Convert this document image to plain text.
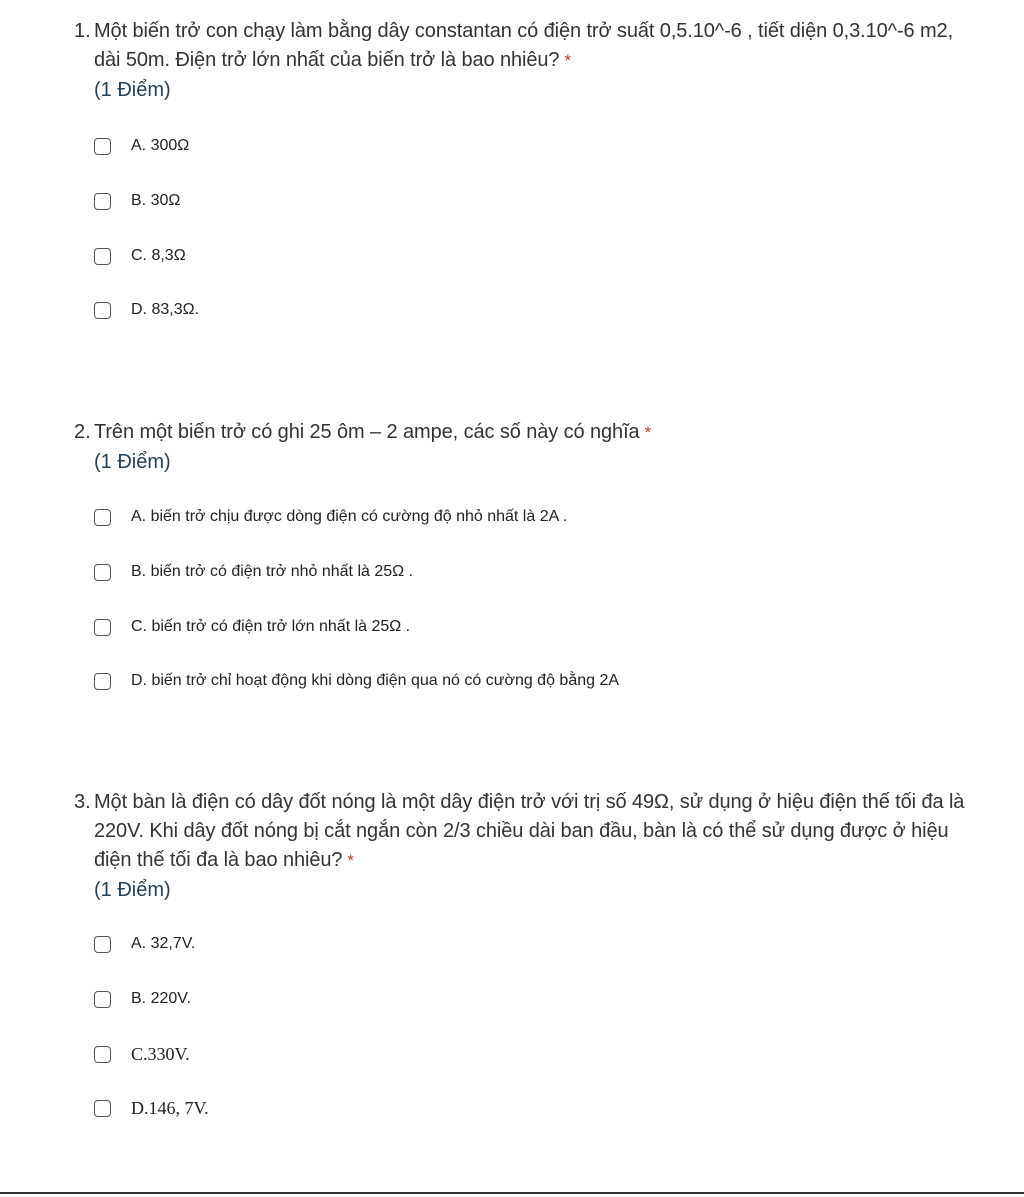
1. Một biến trở con chạy làm bằng dây constantan có điện trở suất 0,5.10^-6 , tiết diện 0,3.10^-6 m2, dài 50m. Điện trở lớn nhất của biến trở là bao nhiêu? *
(1 Điểm)
A. 300Ω
B. 30Ω
C. 8,3Ω
D. 83,3Ω.
2. Trên một biến trở có ghi 25 ôm – 2 ampe, các số này có nghĩa *
(1 Điểm)
A. biến trở chịu được dòng điện có cường độ nhỏ nhất là 2A .
B. biến trở có điện trở nhỏ nhất là 25Ω .
C. biến trở có điện trở lớn nhất là 25Ω .
D. biến trở chỉ hoạt động khi dòng điện qua nó có cường độ bằng 2A
3. Một bàn là điện có dây đốt nóng là một dây điện trở với trị số 49Ω, sử dụng ở hiệu điện thế tối đa là 220V. Khi dây đốt nóng bị cắt ngắn còn 2/3 chiều dài ban đầu, bàn là có thể sử dụng được ở hiệu điện thế tối đa là bao nhiêu? *
(1 Điểm)
A. 32,7V.
B. 220V.
C.330V.
D.146, 7V.
